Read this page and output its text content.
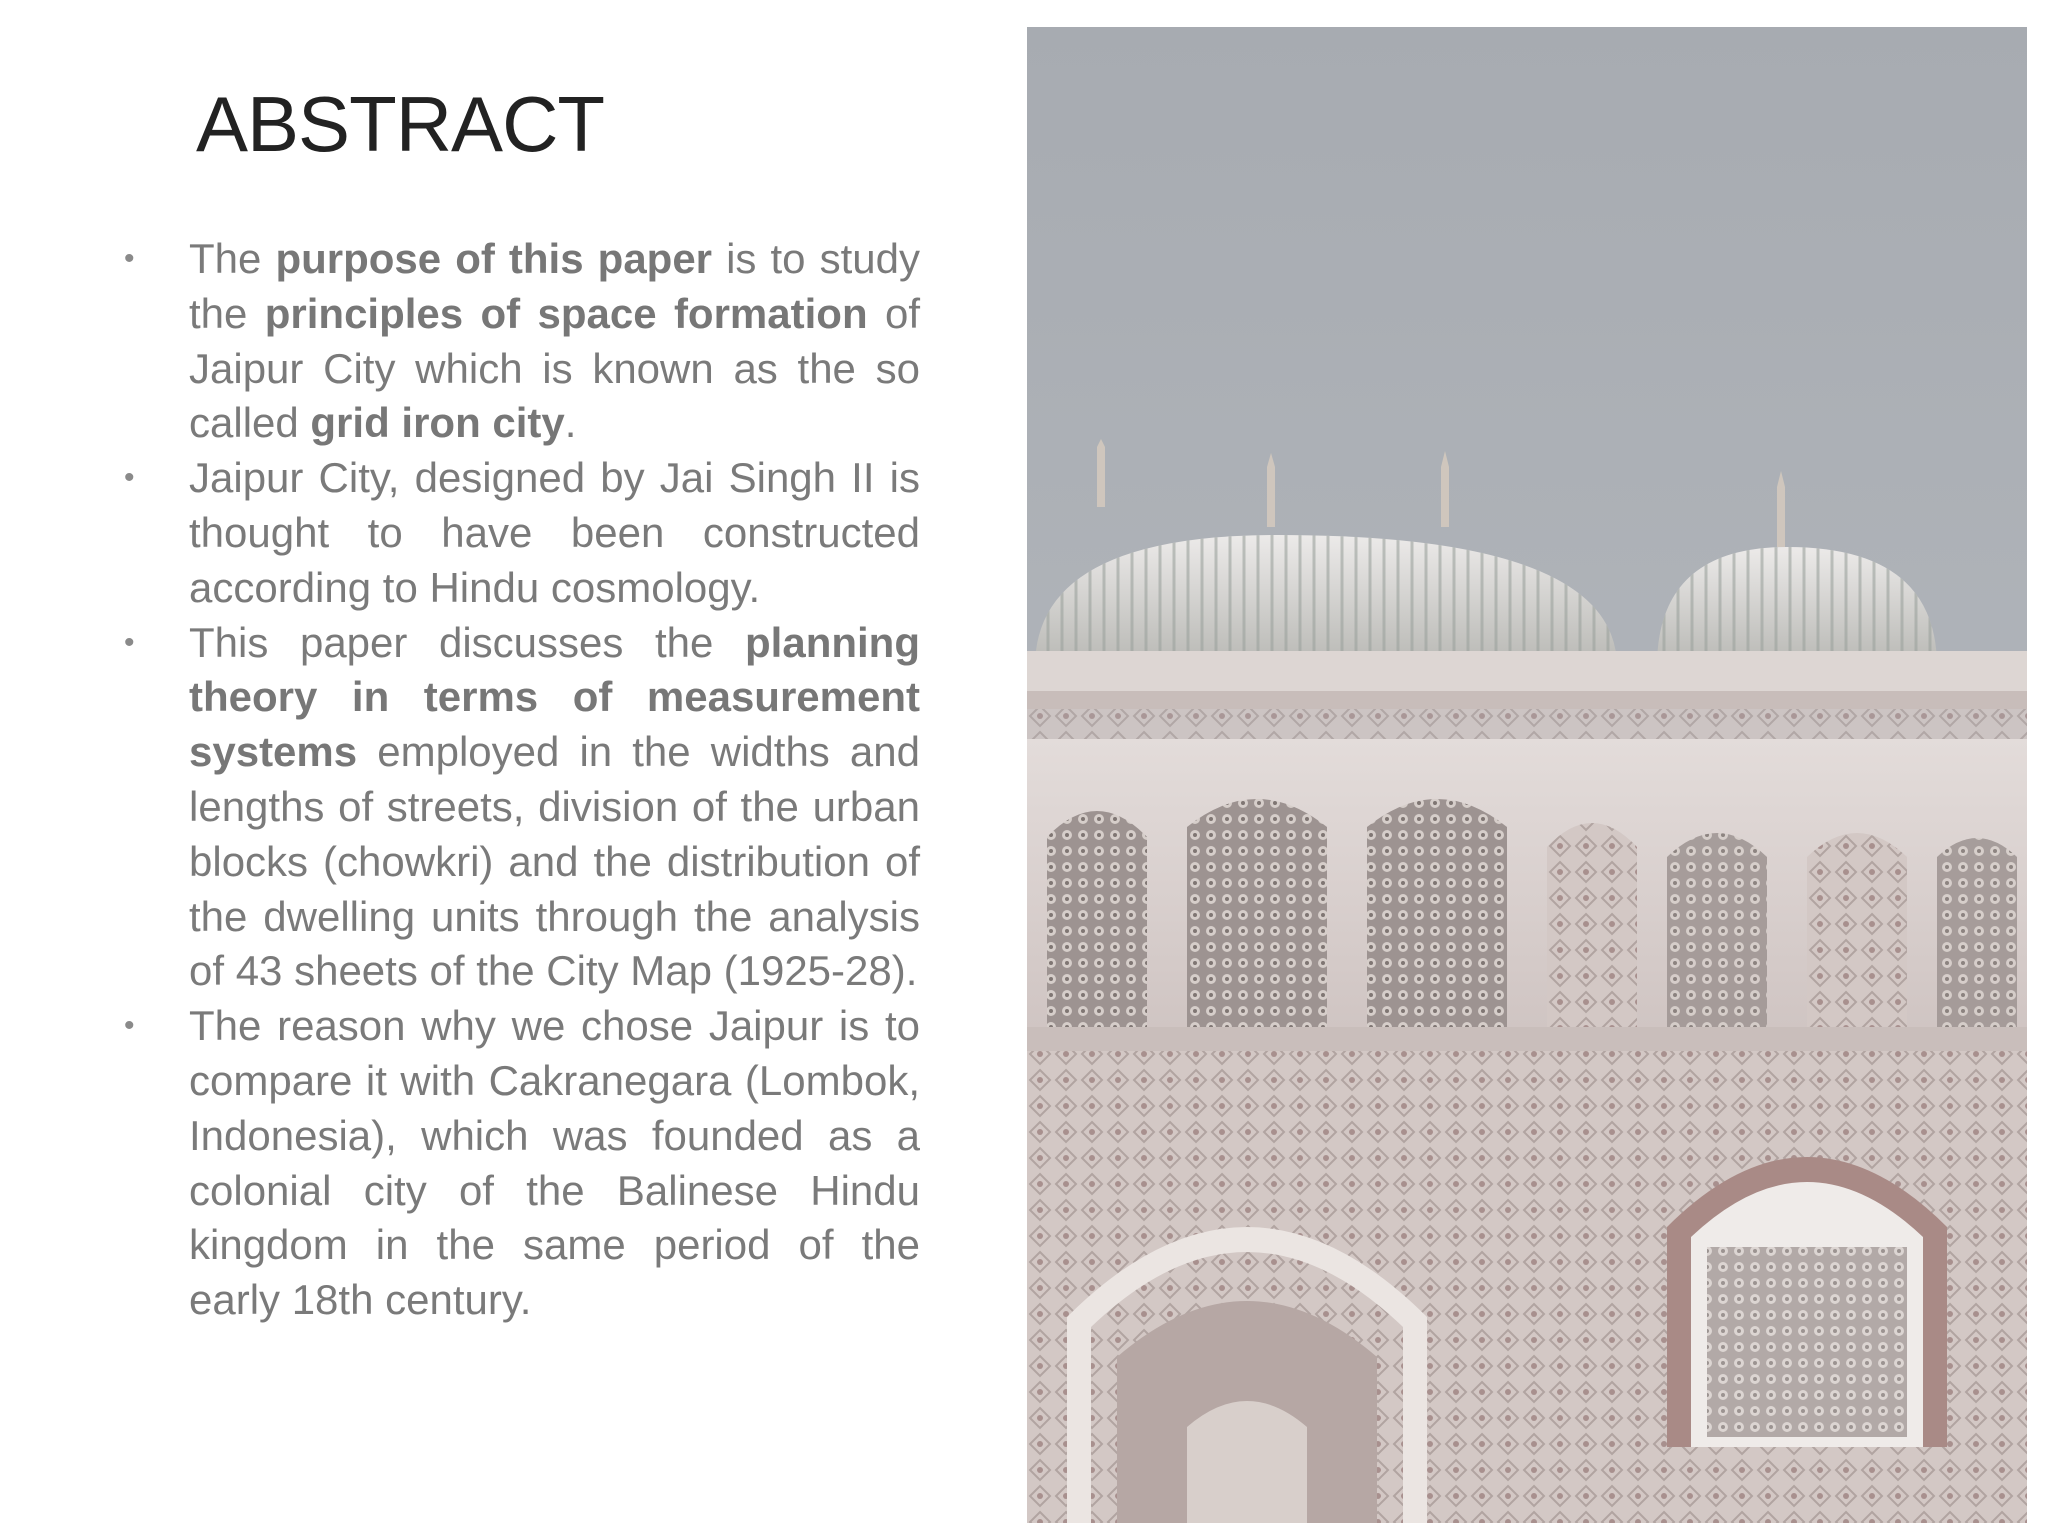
ABSTRACT
• The purpose of this paper is to study the principles of space formation of Jaipur City which is known as the so called grid iron city.
• Jaipur City, designed by Jai Singh II is thought to have been constructed according to Hindu cosmology.
• This paper discusses the planning theory in terms of measurement systems employed in the widths and lengths of streets, division of the urban blocks (chowkri) and the distribution of the dwelling units through the analysis of 43 sheets of the City Map (1925-28).
• The reason why we chose Jaipur is to compare it with Cakranegara (Lombok, Indonesia), which was founded as a colonial city of the Balinese Hindu kingdom in the same period of the early 18th century.
